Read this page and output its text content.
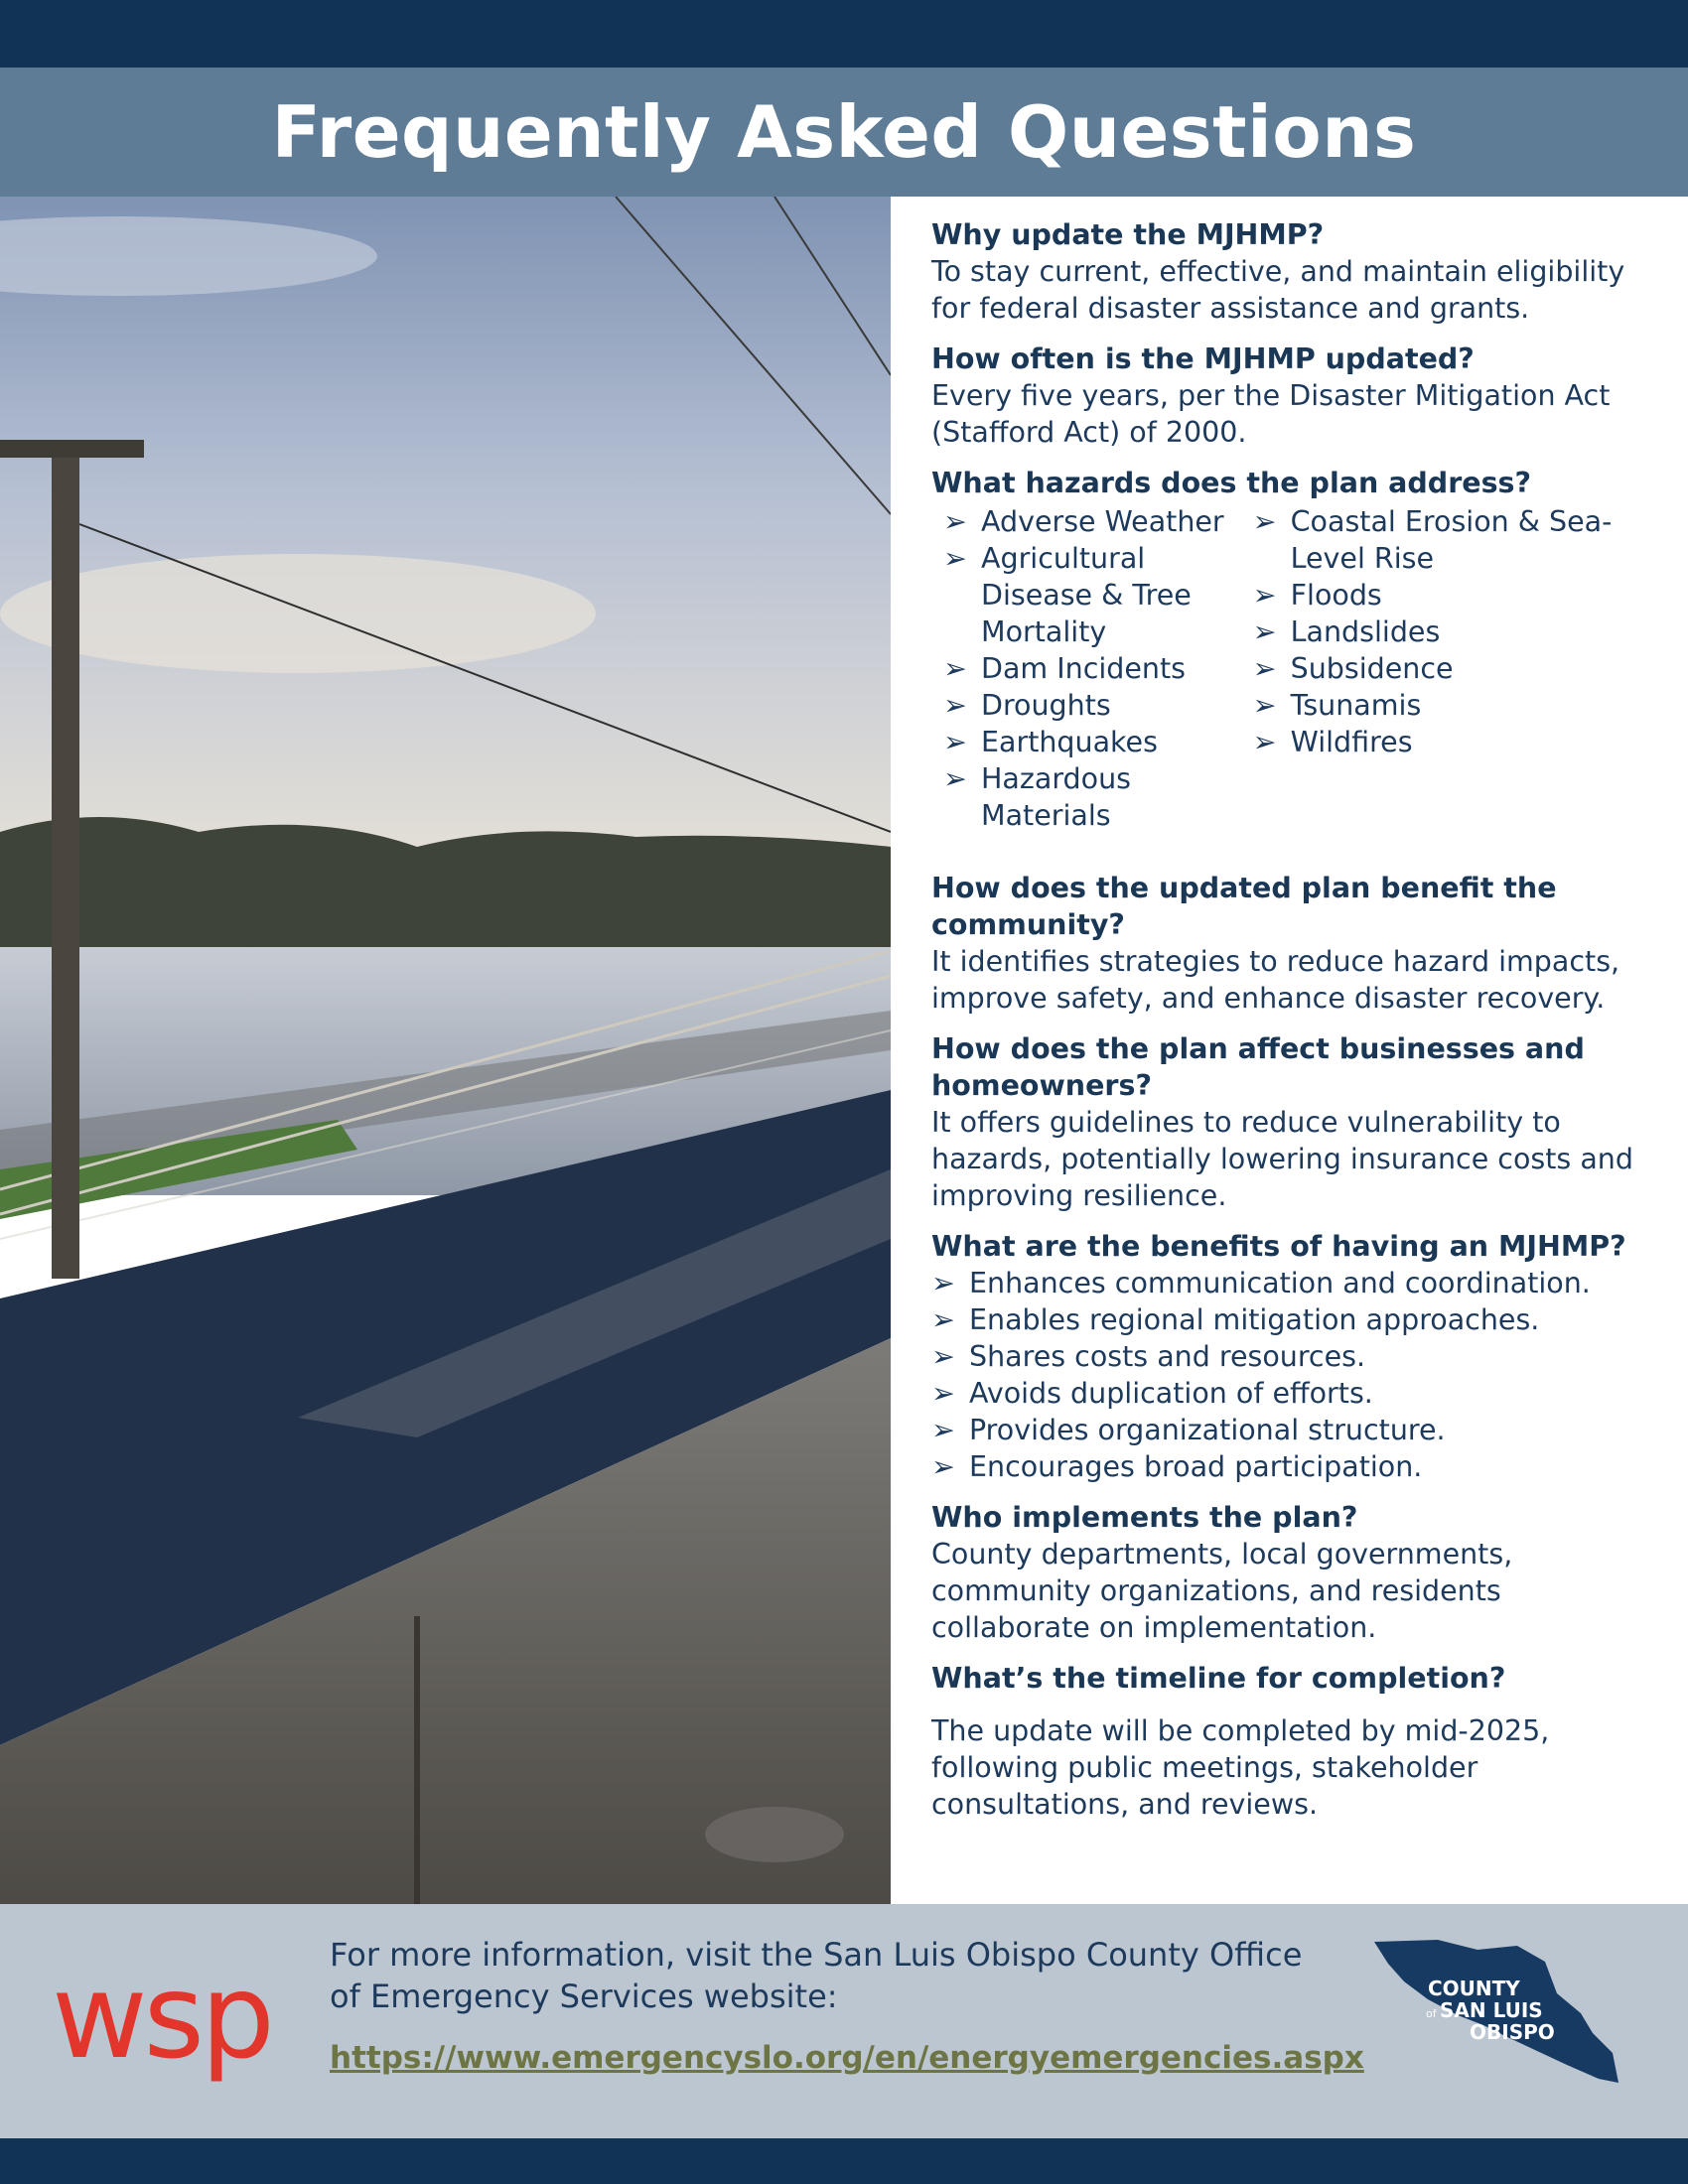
Frequently Asked Questions

Why update the MJHMP?

To stay current, effective, and maintain eligibility for federal disaster assistance and grants.

How often is the MJHMP updated?

Every five years, per the Disaster Mitigation Act (Stafford Act) of 2000.

What hazards does the plan address?

➢ Adverse Weather
➢ Agricultural Disease & Tree Mortality
➢ Dam Incidents
➢ Droughts
➢ Earthquakes
➢ Hazardous Materials
➢ Coastal Erosion & Sea-Level Rise
➢ Floods
➢ Landslides
➢ Subsidence
➢ Tsunamis
➢ Wildfires

How does the updated plan benefit the community?

It identifies strategies to reduce hazard impacts, improve safety, and enhance disaster recovery.

How does the plan affect businesses and homeowners?

It offers guidelines to reduce vulnerability to hazards, potentially lowering insurance costs and improving resilience.

What are the benefits of having an MJHMP?

➢ Enhances communication and coordination.
➢ Enables regional mitigation approaches.
➢ Shares costs and resources.
➢ Avoids duplication of efforts.
➢ Provides organizational structure.
➢ Encourages broad participation.

Who implements the plan?

County departments, local governments, community organizations, and residents collaborate on implementation.

What’s the timeline for completion?

The update will be completed by mid-2025, following public meetings, stakeholder consultations, and reviews.

wsp For more information, visit the San Luis Obispo County Office of Emergency Services website:
https://www.emergencyslo.org/en/energyemergencies.aspx
COUNTY
of SAN LUIS
OBISPO
